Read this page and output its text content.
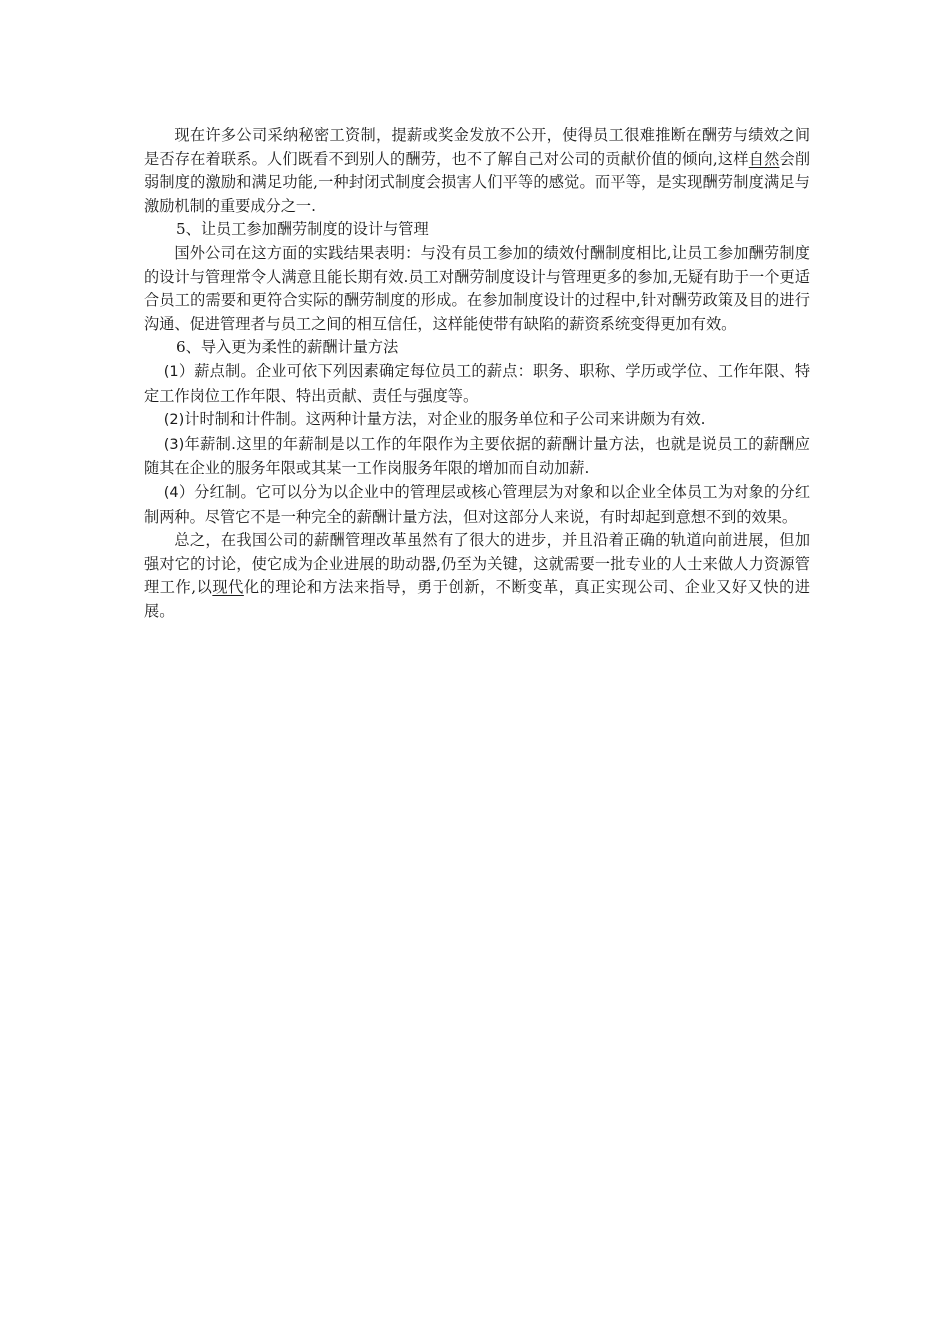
现在许多公司采纳秘密工资制，提薪或奖金发放不公开，使得员工很难推断在酬劳与绩效之间是否存在着联系。人们既看不到别人的酬劳，也不了解自己对公司的贡献价值的倾向,这样自然会削弱制度的激励和满足功能,一种封闭式制度会损害人们平等的感觉。而平等，是实现酬劳制度满足与激励机制的重要成分之一.

5、让员工参加酬劳制度的设计与管理

国外公司在这方面的实践结果表明：与没有员工参加的绩效付酬制度相比,让员工参加酬劳制度的设计与管理常令人满意且能长期有效.员工对酬劳制度设计与管理更多的参加,无疑有助于一个更适合员工的需要和更符合实际的酬劳制度的形成。在参加制度设计的过程中,针对酬劳政策及目的进行沟通、促进管理者与员工之间的相互信任，这样能使带有缺陷的薪资系统变得更加有效。

6、导入更为柔性的薪酬计量方法

(1）薪点制。企业可依下列因素确定每位员工的薪点：职务、职称、学历或学位、工作年限、特定工作岗位工作年限、特出贡献、责任与强度等。

(2)计时制和计件制。这两种计量方法，对企业的服务单位和子公司来讲颇为有效.

(3)年薪制.这里的年薪制是以工作的年限作为主要依据的薪酬计量方法，也就是说员工的薪酬应随其在企业的服务年限或其某一工作岗服务年限的增加而自动加薪.

(4）分红制。它可以分为以企业中的管理层或核心管理层为对象和以企业全体员工为对象的分红制两种。尽管它不是一种完全的薪酬计量方法，但对这部分人来说，有时却起到意想不到的效果。

总之，在我国公司的薪酬管理改革虽然有了很大的进步，并且沿着正确的轨道向前进展，但加强对它的讨论，使它成为企业进展的助动器,仍至为关键，这就需要一批专业的人士来做人力资源管理工作,以现代化的理论和方法来指导，勇于创新，不断变革，真正实现公司、企业又好又快的进展。
